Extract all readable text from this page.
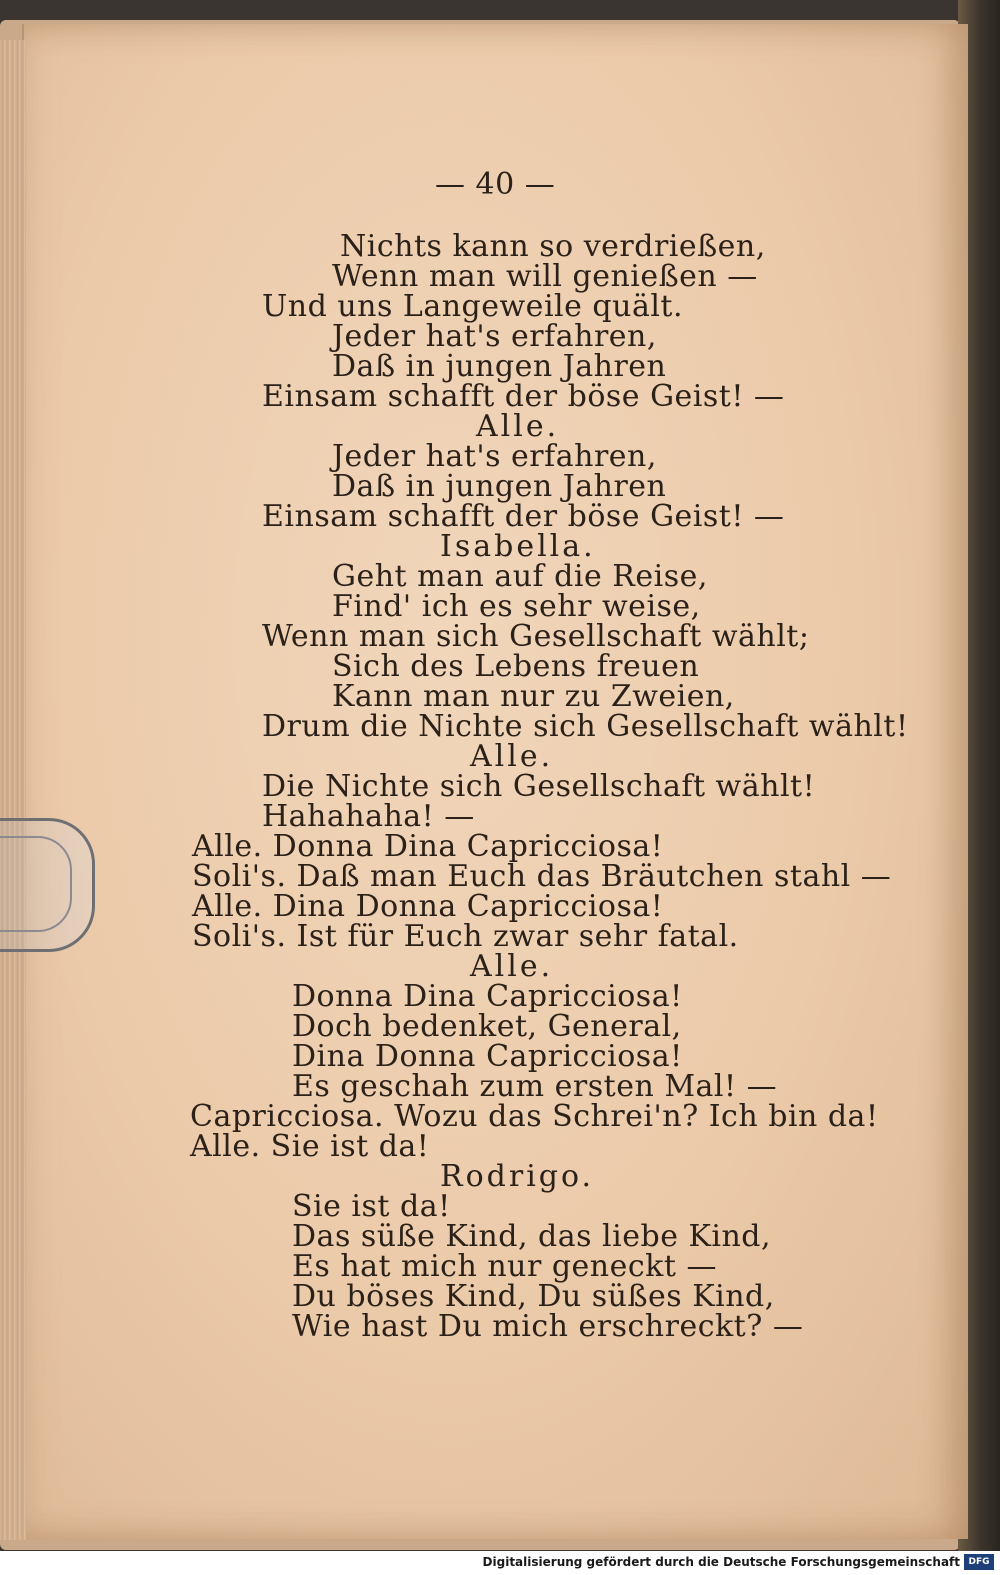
— 40 —
Nichts kann so verdrießen,
Wenn man will genießen —
Und uns Langeweile quält.
Jeder hat's erfahren,
Daß in jungen Jahren
Einsam schafft der böse Geist! —
Alle.
Jeder hat's erfahren,
Daß in jungen Jahren
Einsam schafft der böse Geist! —
Isabella.
Geht man auf die Reise,
Find' ich es sehr weise,
Wenn man sich Gesellschaft wählt;
Sich des Lebens freuen
Kann man nur zu Zweien,
Drum die Nichte sich Gesellschaft wählt!
Alle.
Die Nichte sich Gesellschaft wählt!
Hahahaha! —
Alle. Donna Dina Capricciosa!
Soli's. Daß man Euch das Bräutchen stahl —
Alle. Dina Donna Capricciosa!
Soli's. Ist für Euch zwar sehr fatal.
Alle.
Donna Dina Capricciosa!
Doch bedenket, General,
Dina Donna Capricciosa!
Es geschah zum ersten Mal! —
Capricciosa. Wozu das Schrei'n? Ich bin da!
Alle. Sie ist da!
Rodrigo.
Sie ist da!
Das süße Kind, das liebe Kind,
Es hat mich nur geneckt —
Du böses Kind, Du süßes Kind,
Wie hast Du mich erschreckt? —
Digitalisierung gefördert durch die Deutsche Forschungsgemeinschaft DFG
